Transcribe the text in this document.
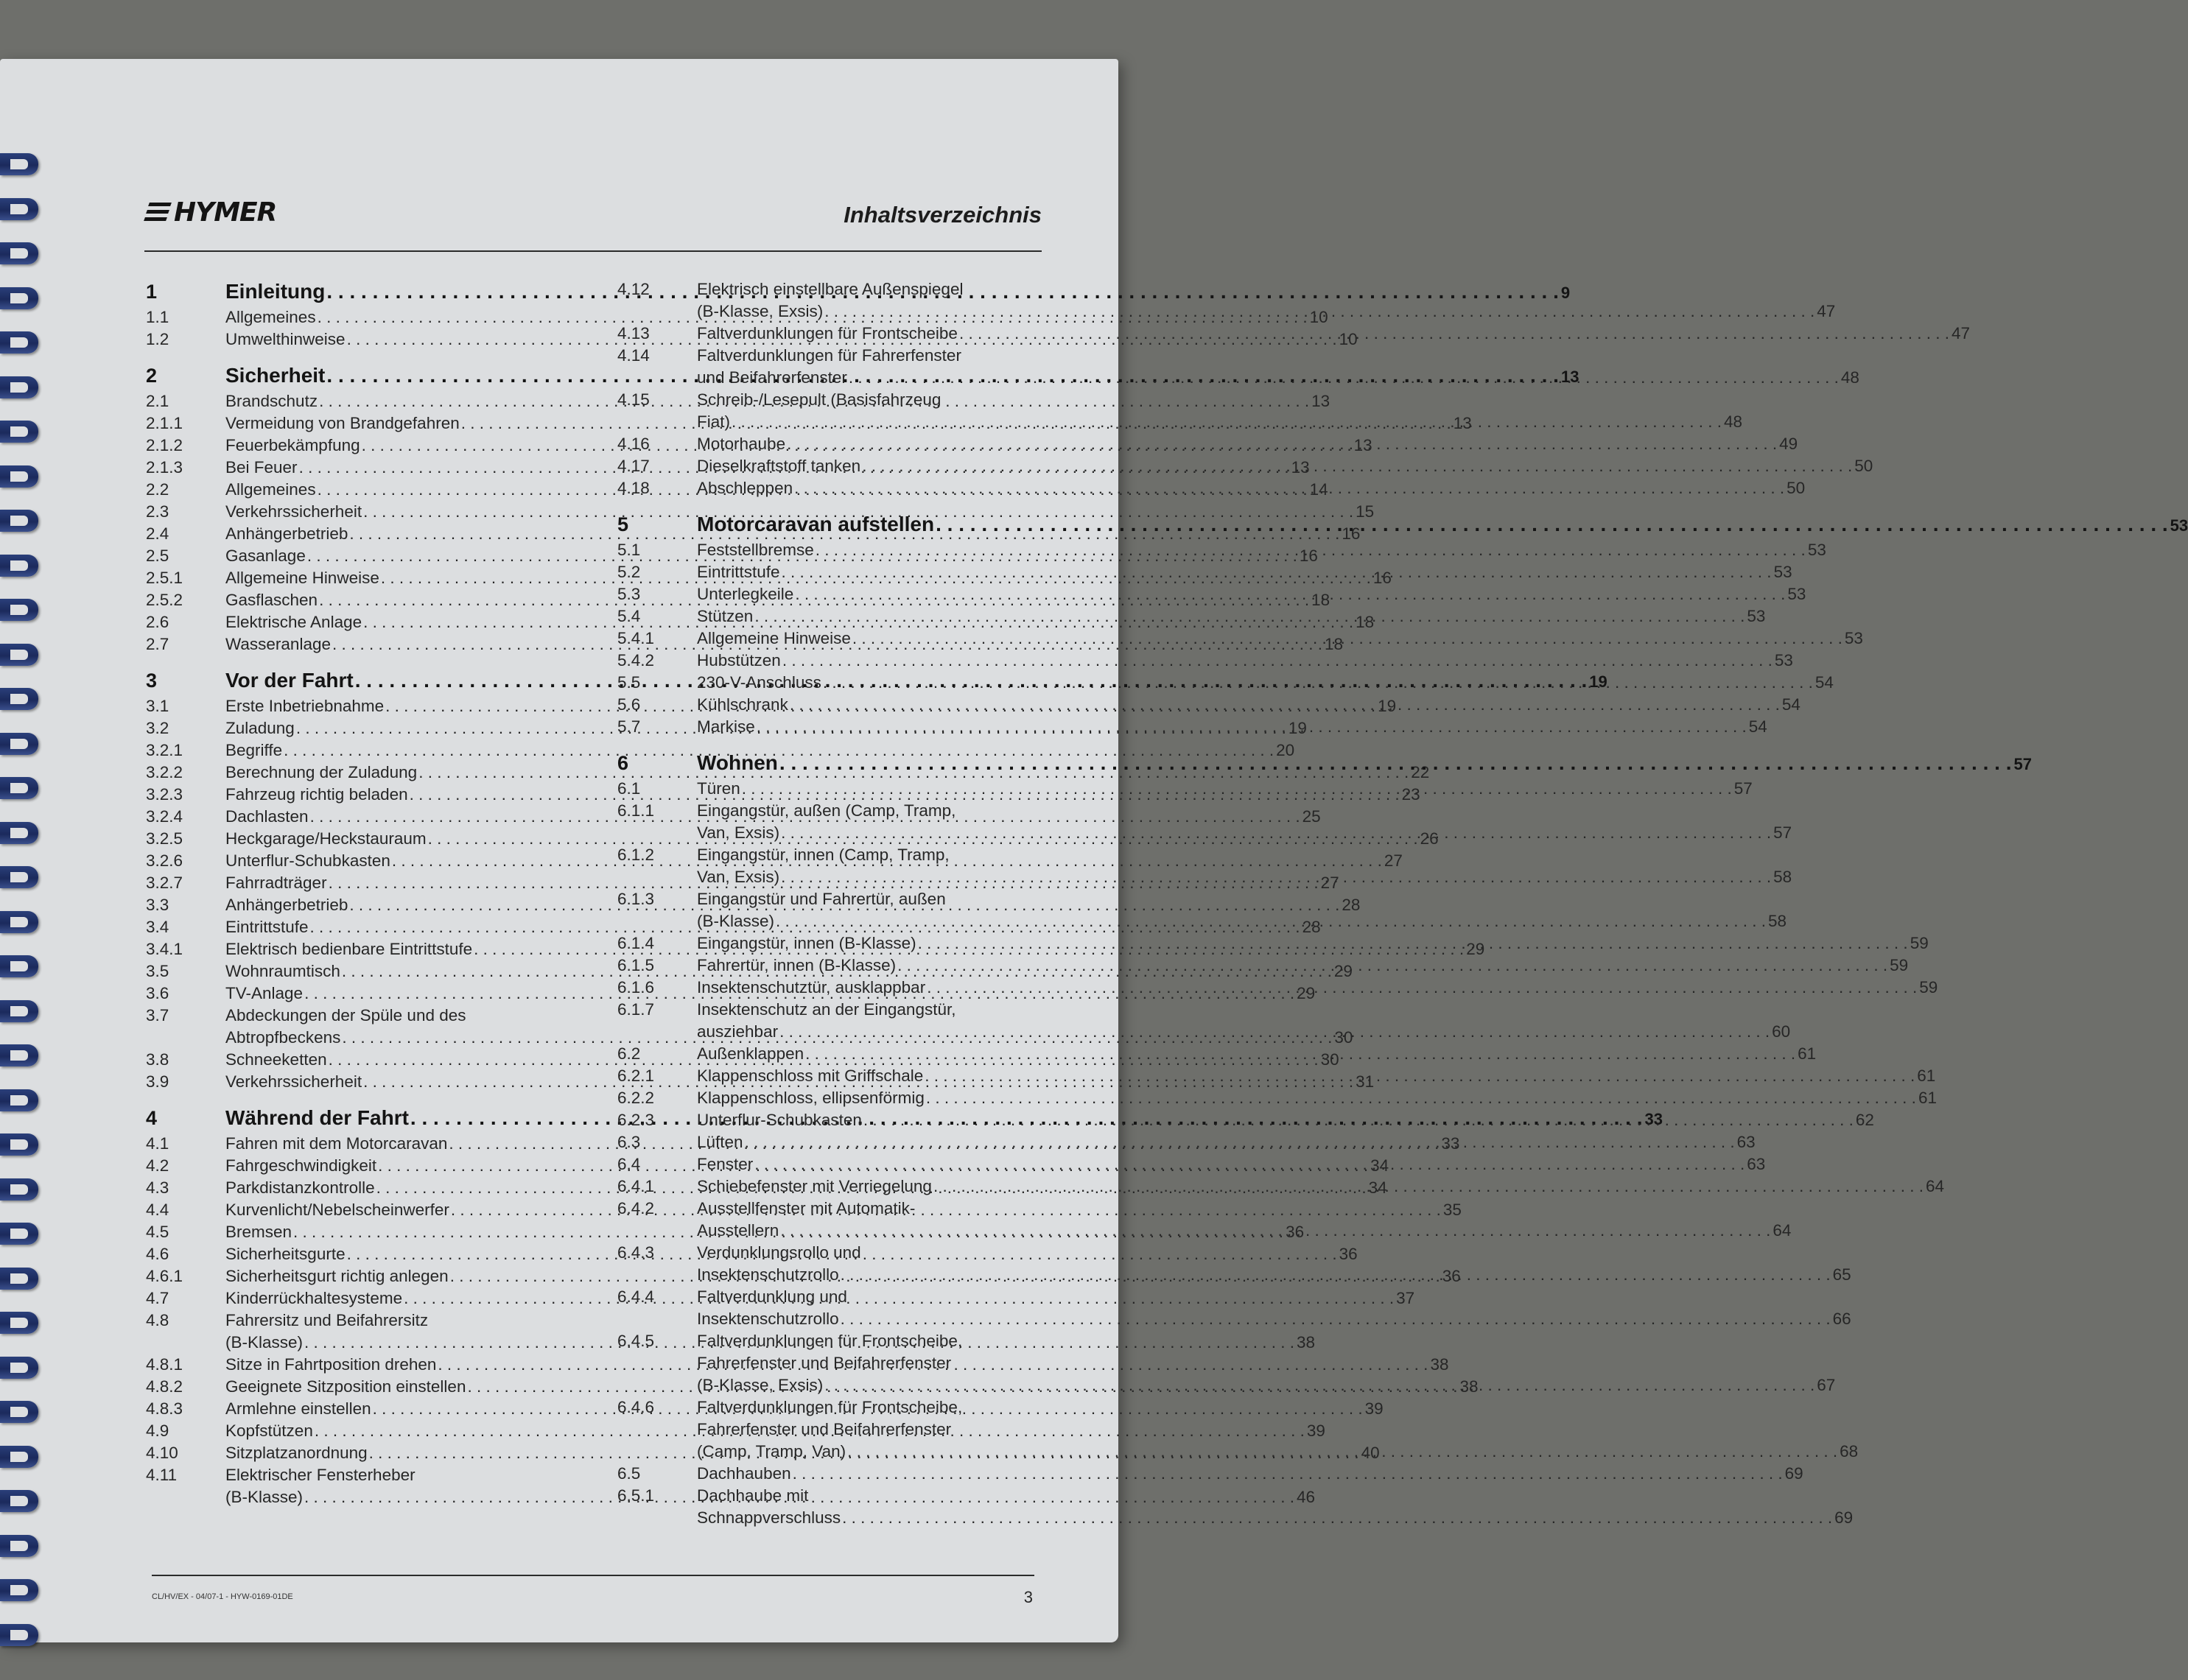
HYMER	Inhaltsverzeichnis
1	Einleitung . . .	9
1.1	Allgemeines . . .	10
1.2	Umwelthinweise . . .	10
2	Sicherheit . . .	13
2.1	Brandschutz . . .	13
2.1.1	Vermeidung von Brandgefahren . . .	13
2.1.2	Feuerbekämpfung . . .	13
2.1.3	Bei Feuer . . .	13
2.2	Allgemeines . . .	14
2.3	Verkehrssicherheit . . .	15
2.4	Anhängerbetrieb . . .	16
2.5	Gasanlage . . .	16
2.5.1	Allgemeine Hinweise . . .	16
2.5.2	Gasflaschen . . .	18
2.6	Elektrische Anlage . . .	18
2.7	Wasseranlage . . .	18
3	Vor der Fahrt . . .	19
3.1	Erste Inbetriebnahme . . .	19
3.2	Zuladung . . .	19
3.2.1	Begriffe . . .	20
3.2.2	Berechnung der Zuladung . . .	22
3.2.3	Fahrzeug richtig beladen . . .	23
3.2.4	Dachlasten . . .	25
3.2.5	Heckgarage/Heckstauraum . . .	26
3.2.6	Unterflur-Schubkasten . . .	27
3.2.7	Fahrradträger . . .	27
3.3	Anhängerbetrieb . . .	28
3.4	Eintrittstufe . . .	28
3.4.1	Elektrisch bedienbare Eintrittstufe . . .	29
3.5	Wohnraumtisch . . .	29
3.6	TV-Anlage . . .	29
3.7	Abdeckungen der Spüle und des
Abtropfbeckens . . .	30
3.8	Schneeketten . . .	30
3.9	Verkehrssicherheit . . .	31
4	Während der Fahrt . . .	33
4.1	Fahren mit dem Motorcaravan . . .	33
4.2	Fahrgeschwindigkeit . . .	34
4.3	Parkdistanzkontrolle . . .	34
4.4	Kurvenlicht/Nebelscheinwerfer . . .	35
4.5	Bremsen . . .	36
4.6	Sicherheitsgurte . . .	36
4.6.1	Sicherheitsgurt richtig anlegen . . .	36
4.7	Kinderrückhaltesysteme . . .	37
4.8	Fahrersitz und Beifahrersitz
(B-Klasse) . . .	38
4.8.1	Sitze in Fahrtposition drehen . . .	38
4.8.2	Geeignete Sitzposition einstellen . . .	38
4.8.3	Armlehne einstellen . . .	39
4.9	Kopfstützen . . .	39
4.10	Sitzplatzanordnung . . .	40
4.11	Elektrischer Fensterheber
(B-Klasse) . . .	46
4.12	Elektrisch einstellbare Außenspiegel
(B-Klasse, Exsis) . . .	47
4.13	Faltverdunklungen für Frontscheibe . . .	47
4.14	Faltverdunklungen für Fahrerfenster
und Beifahrerfenster . . .	48
4.15	Schreib-/Lesepult (Basisfahrzeug
Fiat) . . .	48
4.16	Motorhaube . . .	49
4.17	Dieselkraftstoff tanken . . .	50
4.18	Abschleppen . . .	50
5	Motorcaravan aufstellen . . .	53
5.1	Feststellbremse . . .	53
5.2	Eintrittstufe . . .	53
5.3	Unterlegkeile . . .	53
5.4	Stützen . . .	53
5.4.1	Allgemeine Hinweise . . .	53
5.4.2	Hubstützen . . .	53
5.5	230-V-Anschluss . . .	54
5.6	Kühlschrank . . .	54
5.7	Markise . . .	54
6	Wohnen . . .	57
6.1	Türen . . .	57
6.1.1	Eingangstür, außen (Camp, Tramp,
Van, Exsis) . . .	57
6.1.2	Eingangstür, innen (Camp, Tramp,
Van, Exsis) . . .	58
6.1.3	Eingangstür und Fahrertür, außen
(B-Klasse) . . .	58
6.1.4	Eingangstür, innen (B-Klasse) . . .	59
6.1.5	Fahrertür, innen (B-Klasse) . . .	59
6.1.6	Insektenschutztür, ausklappbar . . .	59
6.1.7	Insektenschutz an der Eingangstür,
ausziehbar . . .	60
6.2	Außenklappen . . .	61
6.2.1	Klappenschloss mit Griffschale . . .	61
6.2.2	Klappenschloss, ellipsenförmig . . .	61
6.2.3	Unterflur-Schubkasten . . .	62
6.3	Lüften . . .	63
6.4	Fenster . . .	63
6.4.1	Schiebefenster mit Verriegelung . . .	64
6.4.2	Ausstellfenster mit Automatik-
Ausstellern . . .	64
6.4.3	Verdunklungsrollo und
Insektenschutzrollo . . .	65
6.4.4	Faltverdunklung und
Insektenschutzrollo . . .	66
6.4.5	Faltverdunklungen für Frontscheibe,
Fahrerfenster und Beifahrerfenster
(B-Klasse, Exsis) . . .	67
6.4.6	Faltverdunklungen für Frontscheibe,
Fahrerfenster und Beifahrerfenster
(Camp, Tramp, Van) . . .	68
6.5	Dachhauben . . .	69
6.5.1	Dachhaube mit
Schnappverschluss . . .	69
CL/HV/EX - 04/07-1 - HYW-0169-01DE	3
